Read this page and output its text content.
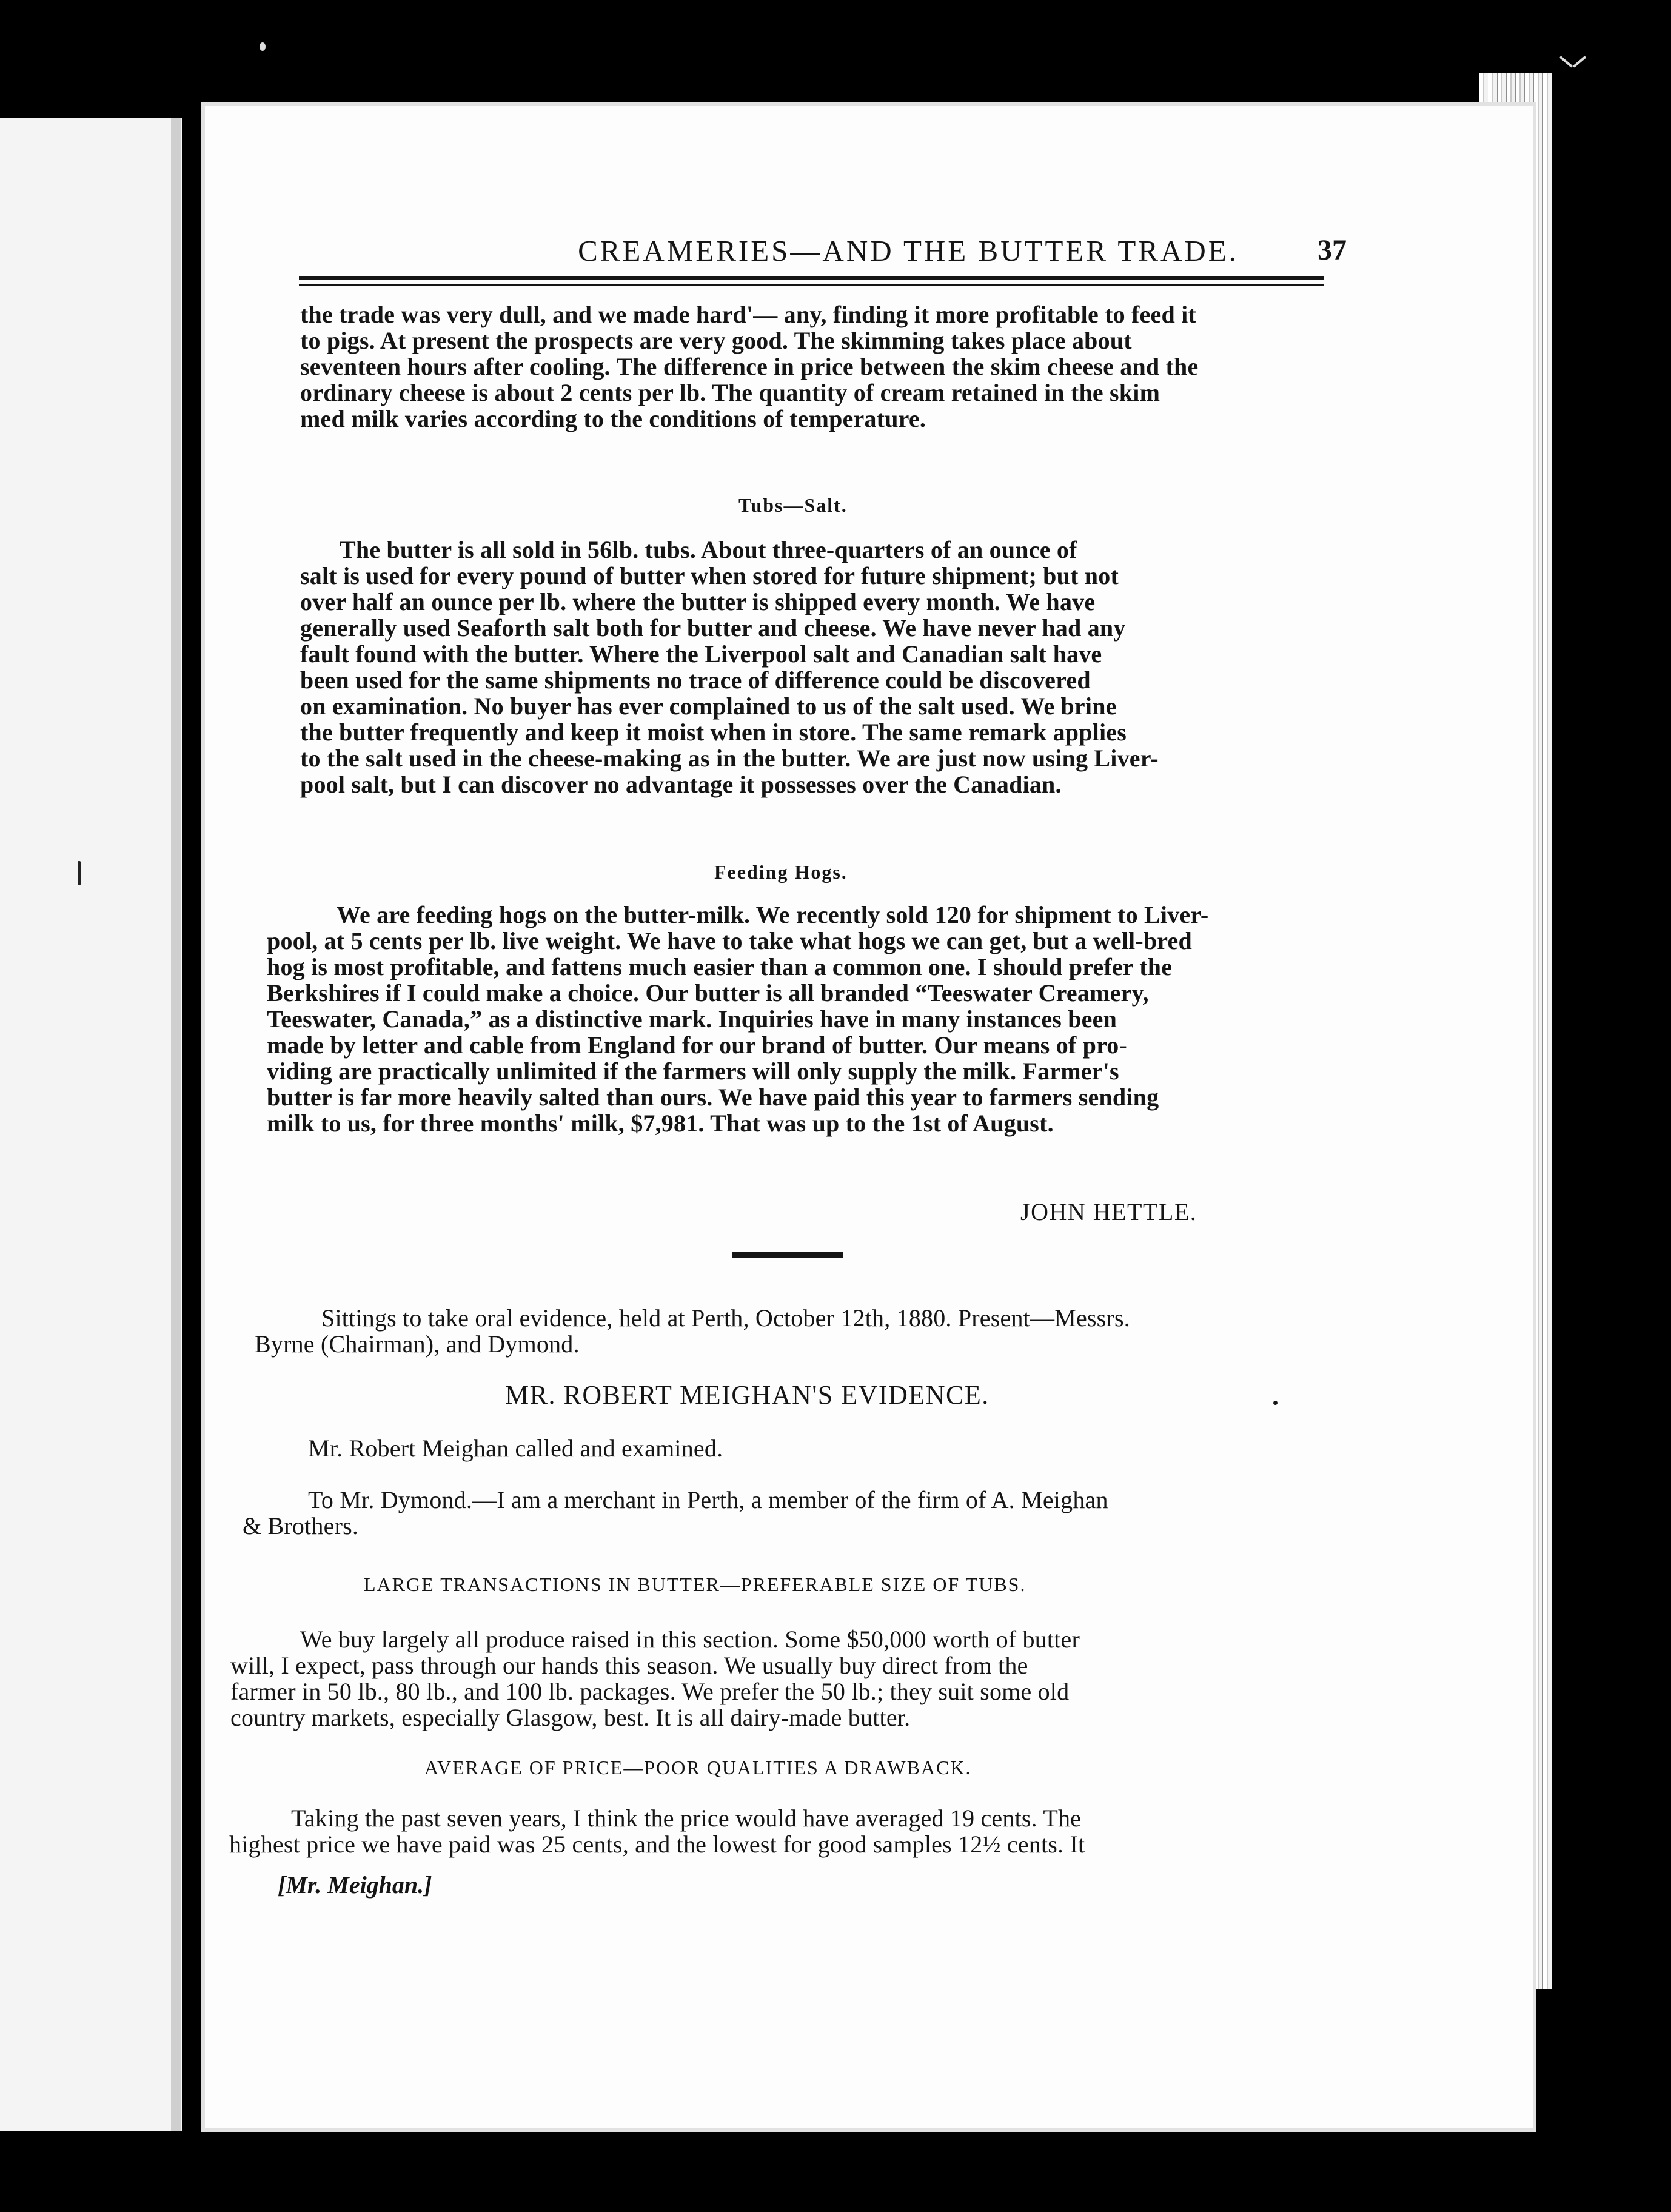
CREAMERIES—AND THE BUTTER TRADE.	37
the trade was very dull, and we made hard'— any, finding it more profitable to feed it
to pigs. At present the prospects are very good. The skimming takes place about
seventeen hours after cooling. The difference in price between the skim cheese and the
ordinary cheese is about 2 cents per lb. The quantity of cream retained in the skim
med milk varies according to the conditions of temperature.
Tubs—Salt.
The butter is all sold in 56lb. tubs. About three-quarters of an ounce of
salt is used for every pound of butter when stored for future shipment; but not
over half an ounce per lb. where the butter is shipped every month. We have
generally used Seaforth salt both for butter and cheese. We have never had any
fault found with the butter. Where the Liverpool salt and Canadian salt have
been used for the same shipments no trace of difference could be discovered
on examination. No buyer has ever complained to us of the salt used. We brine
the butter frequently and keep it moist when in store. The same remark applies
to the salt used in the cheese-making as in the butter. We are just now using Liver-
pool salt, but I can discover no advantage it possesses over the Canadian.
Feeding Hogs.
We are feeding hogs on the butter-milk. We recently sold 120 for shipment to Liver-
pool, at 5 cents per lb. live weight. We have to take what hogs we can get, but a well-bred
hog is most profitable, and fattens much easier than a common one. I should prefer the
Berkshires if I could make a choice. Our butter is all branded “Teeswater Creamery,
Teeswater, Canada,” as a distinctive mark. Inquiries have in many instances been
made by letter and cable from England for our brand of butter. Our means of pro-
viding are practically unlimited if the farmers will only supply the milk. Farmer's
butter is far more heavily salted than ours. We have paid this year to farmers sending
milk to us, for three months' milk, $7,981. That was up to the 1st of August.
JOHN HETTLE.
Sittings to take oral evidence, held at Perth, October 12th, 1880. Present—Messrs.
Byrne (Chairman), and Dymond.
MR. ROBERT MEIGHAN'S EVIDENCE.
Mr. Robert Meighan called and examined.
To Mr. Dymond.—I am a merchant in Perth, a member of the firm of A. Meighan
& Brothers.
LARGE TRANSACTIONS IN BUTTER—PREFERABLE SIZE OF TUBS.
We buy largely all produce raised in this section. Some $50,000 worth of butter
will, I expect, pass through our hands this season. We usually buy direct from the
farmer in 50 lb., 80 lb., and 100 lb. packages. We prefer the 50 lb.; they suit some old
country markets, especially Glasgow, best. It is all dairy-made butter.
AVERAGE OF PRICE—POOR QUALITIES A DRAWBACK.
Taking the past seven years, I think the price would have averaged 19 cents. The
highest price we have paid was 25 cents, and the lowest for good samples 12½ cents. It
[Mr. Meighan.]
